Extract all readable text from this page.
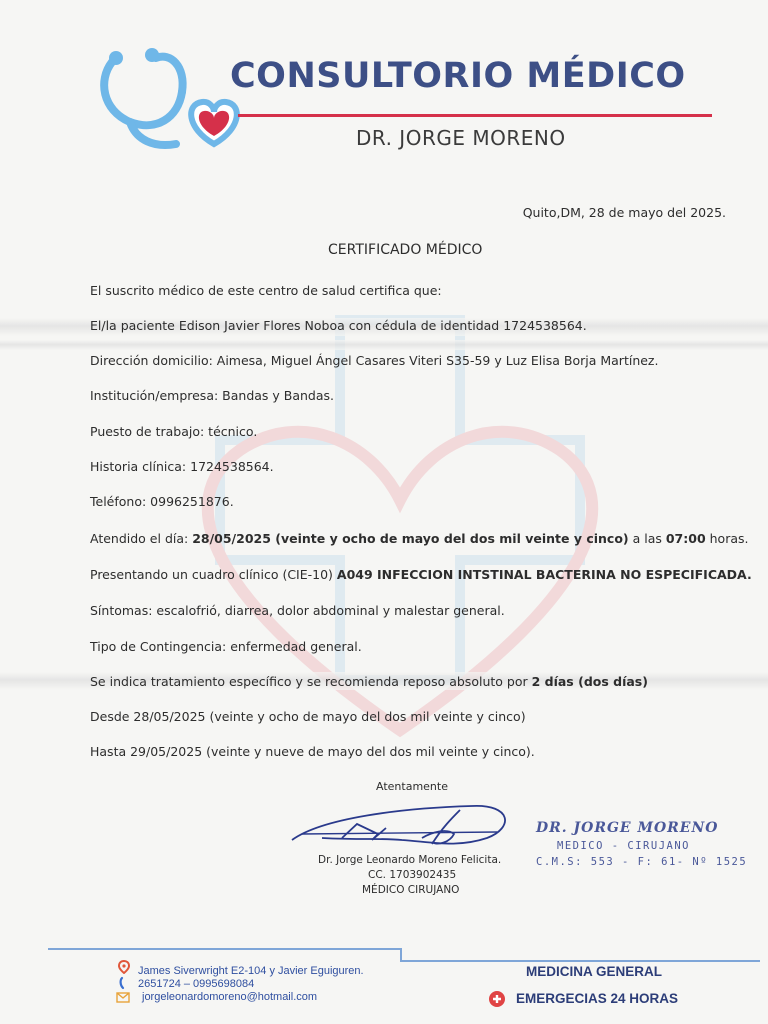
CONSULTORIO MÉDICO
DR. JORGE MORENO
Quito,DM, 28 de mayo del 2025.
CERTIFICADO MÉDICO
El suscrito médico de este centro de salud certifica que:
El/la paciente Edison Javier Flores Noboa con cédula de identidad 1724538564.
Dirección domicilio: Aimesa, Miguel Ángel Casares Viteri S35-59 y Luz Elisa Borja Martínez.
Institución/empresa: Bandas y Bandas.
Puesto de trabajo: técnico.
Historia clínica: 1724538564.
Teléfono: 0996251876.
Atendido el día: 28/05/2025 (veinte y ocho de mayo del dos mil veinte y cinco) a las 07:00 horas.
Presentando un cuadro clínico (CIE-10) A049 INFECCION INTSTINAL BACTERINA NO ESPECIFICADA.
Síntomas: escalofrió, diarrea, dolor abdominal y malestar general.
Tipo de Contingencia: enfermedad general.
Se indica tratamiento específico y se recomienda reposo absoluto por 2 días (dos días)
Desde 28/05/2025 (veinte y ocho de mayo del dos mil veinte y cinco)
Hasta 29/05/2025 (veinte y nueve de mayo del dos mil veinte y cinco).
Atentamente
Dr. Jorge Leonardo Moreno Felicita.
CC. 1703902435
MÉDICO CIRUJANO
DR. JORGE MORENO
MEDICO - CIRUJANO
C.M.S: 553 - F: 61- Nº 1525
James Siverwright E2-104 y Javier Eguiguren.
2651724 – 0995698084
jorgeleonardomoreno@hotmail.com
MEDICINA GENERAL
EMERGECIAS 24 HORAS
